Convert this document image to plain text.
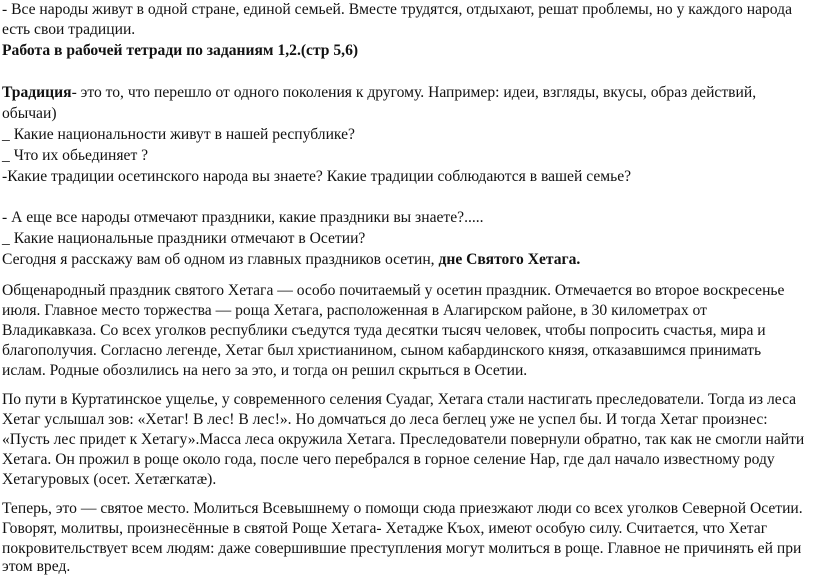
- Все народы живут в одной стране, единой семьей. Вместе трудятся, отдыхают, решат проблемы, но у каждого народа
есть свои традиции.
Работа в рабочей тетради по заданиям 1,2.(стр 5,6)
Традиция- это то, что перешло от одного поколения к другому. Например: идеи, взгляды, вкусы, образ действий,
обычаи)
_ Какие национальности живут в нашей республике?
_ Что их обьединяет ?
-Какие традиции осетинского народа вы знаете? Какие традиции соблюдаются в вашей семье?
- А еще все народы отмечают праздники, какие праздники вы знаете?.....
_ Какие национальные праздники отмечают в Осетии?
Сегодня я расскажу вам об одном из главных праздников осетин, дне Святого Хетага.
Общенародный праздник святого Хетага — особо почитаемый у осетин праздник. Отмечается во второе воскресенье
июля. Главное место торжества — роща Хетага, расположенная в Алагирском районе, в 30 километрах от
Владикавказа. Со всех уголков республики съедутся туда десятки тысяч человек, чтобы попросить счастья, мира и
благополучия. Согласно легенде, Хетаг был христианином, сыном кабардинского князя, отказавшимся принимать
ислам. Родные обозлились на него за это, и тогда он решил скрыться в Осетии.
По пути в Куртатинское ущелье, у современного селения Суадаг, Хетага стали настигать преследователи. Тогда из леса
Хетаг услышал зов: «Хетаг! В лес! В лес!». Но домчаться до леса беглец уже не успел бы. И тогда Хетаг произнес:
«Пусть лес придет к Хетагу».Масса леса окружила Хетага. Преследователи повернули обратно, так как не смогли найти
Хетага. Он прожил в роще около года, после чего перебрался в горное селение Нар, где дал начало известному роду
Хетагуровых (осет. Хетæгкатæ).
Теперь, это — святое место. Молиться Всевышнему о помощи сюда приезжают люди со всех уголков Северной Осетии.
Говорят, молитвы, произнесённые в святой Роще Хетага- Хетадже Къох, имеют особую силу. Считается, что Хетаг
покровительствует всем людям: даже совершившие преступления могут молиться в роще. Главное не причинять ей при
этом вред.
